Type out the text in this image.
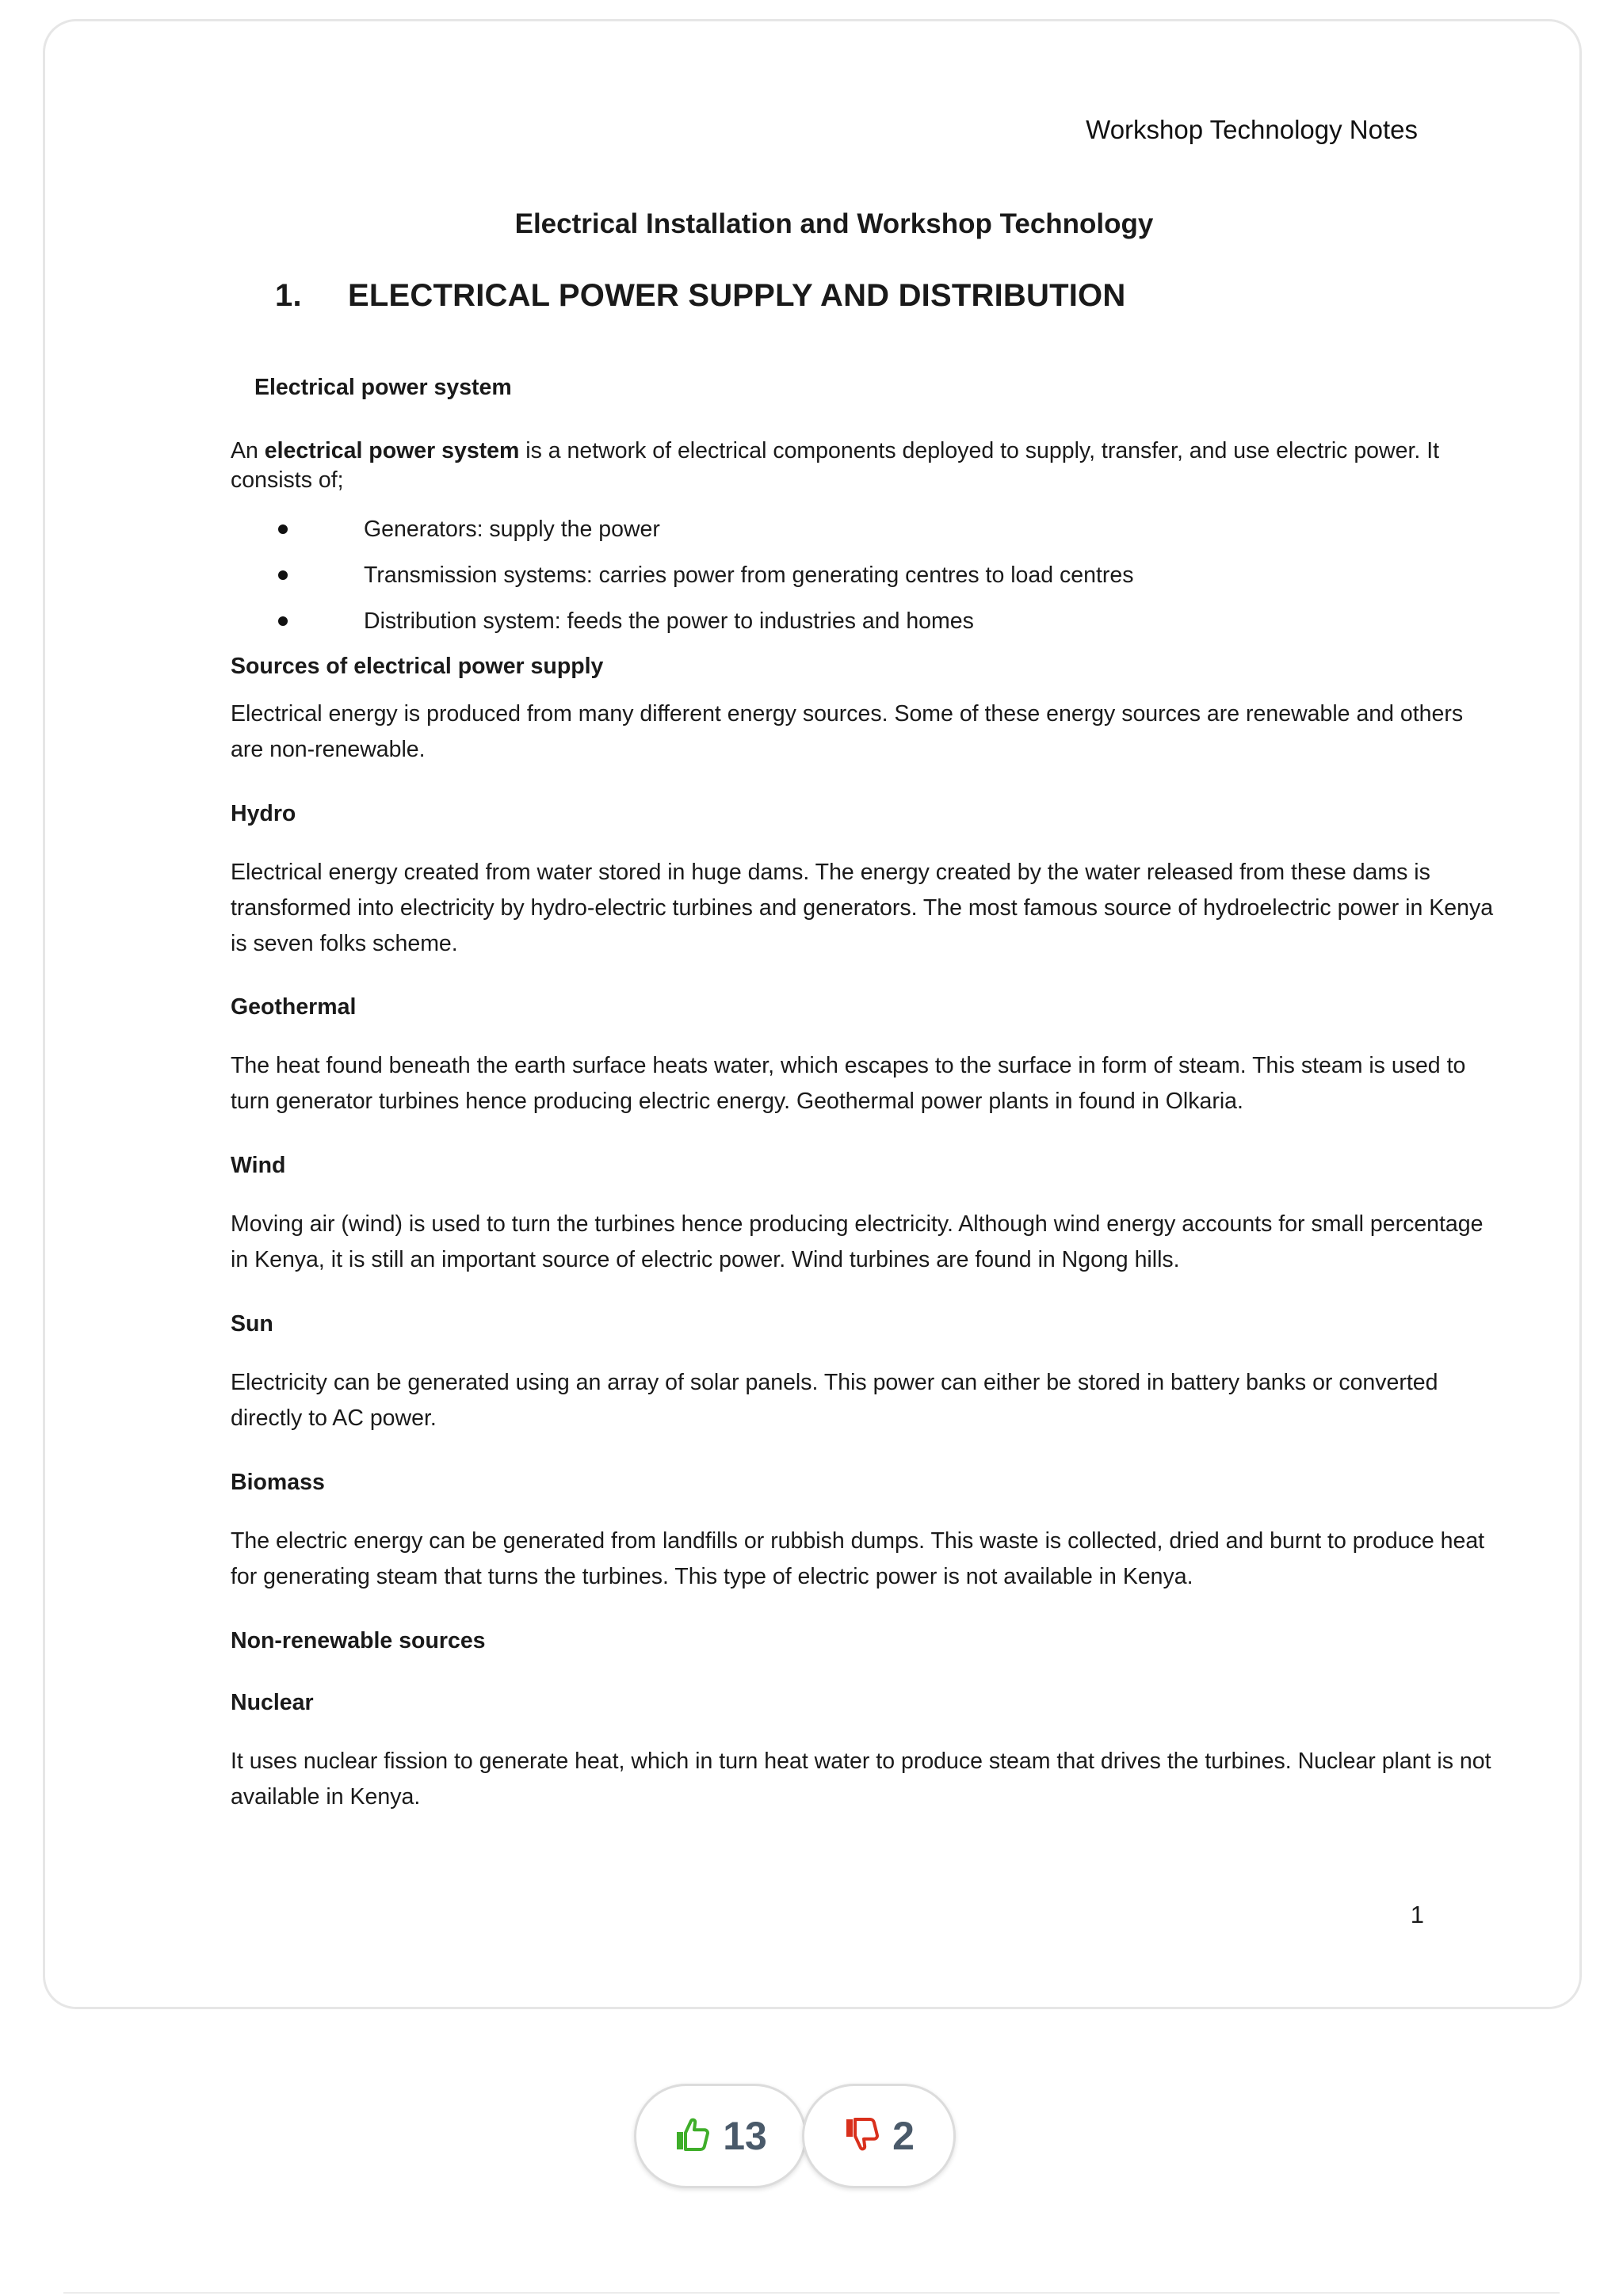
Workshop Technology Notes
Electrical Installation and Workshop Technology
1. ELECTRICAL POWER SUPPLY AND DISTRIBUTION
Electrical power system
An electrical power system is a network of electrical components deployed to supply, transfer, and use electric power. It consists of;
Generators: supply the power
Transmission systems: carries power from generating centres to load centres
Distribution system: feeds the power to industries and homes
Sources of electrical power supply
Electrical energy is produced from many different energy sources. Some of these energy sources are renewable and others are non-renewable.
Hydro
Electrical energy created from water stored in huge dams. The energy created by the water released from these dams is transformed into electricity by hydro-electric turbines and generators. The most famous source of hydroelectric power in Kenya is seven folks scheme.
Geothermal
The heat found beneath the earth surface heats water, which escapes to the surface in form of steam. This steam is used to turn generator turbines hence producing electric energy. Geothermal power plants in found in Olkaria.
Wind
Moving air (wind) is used to turn the turbines hence producing electricity. Although wind energy accounts for small percentage in Kenya, it is still an important source of electric power. Wind turbines are found in Ngong hills.
Sun
Electricity can be generated using an array of solar panels. This power can either be stored in battery banks or converted directly to AC power.
Biomass
The electric energy can be generated from landfills or rubbish dumps. This waste is collected, dried and burnt to produce heat for generating steam that turns the turbines. This type of electric power is not available in Kenya.
Non-renewable sources
Nuclear
It uses nuclear fission to generate heat, which in turn heat water to produce steam that drives the turbines. Nuclear plant is not available in Kenya.
1
13	2
